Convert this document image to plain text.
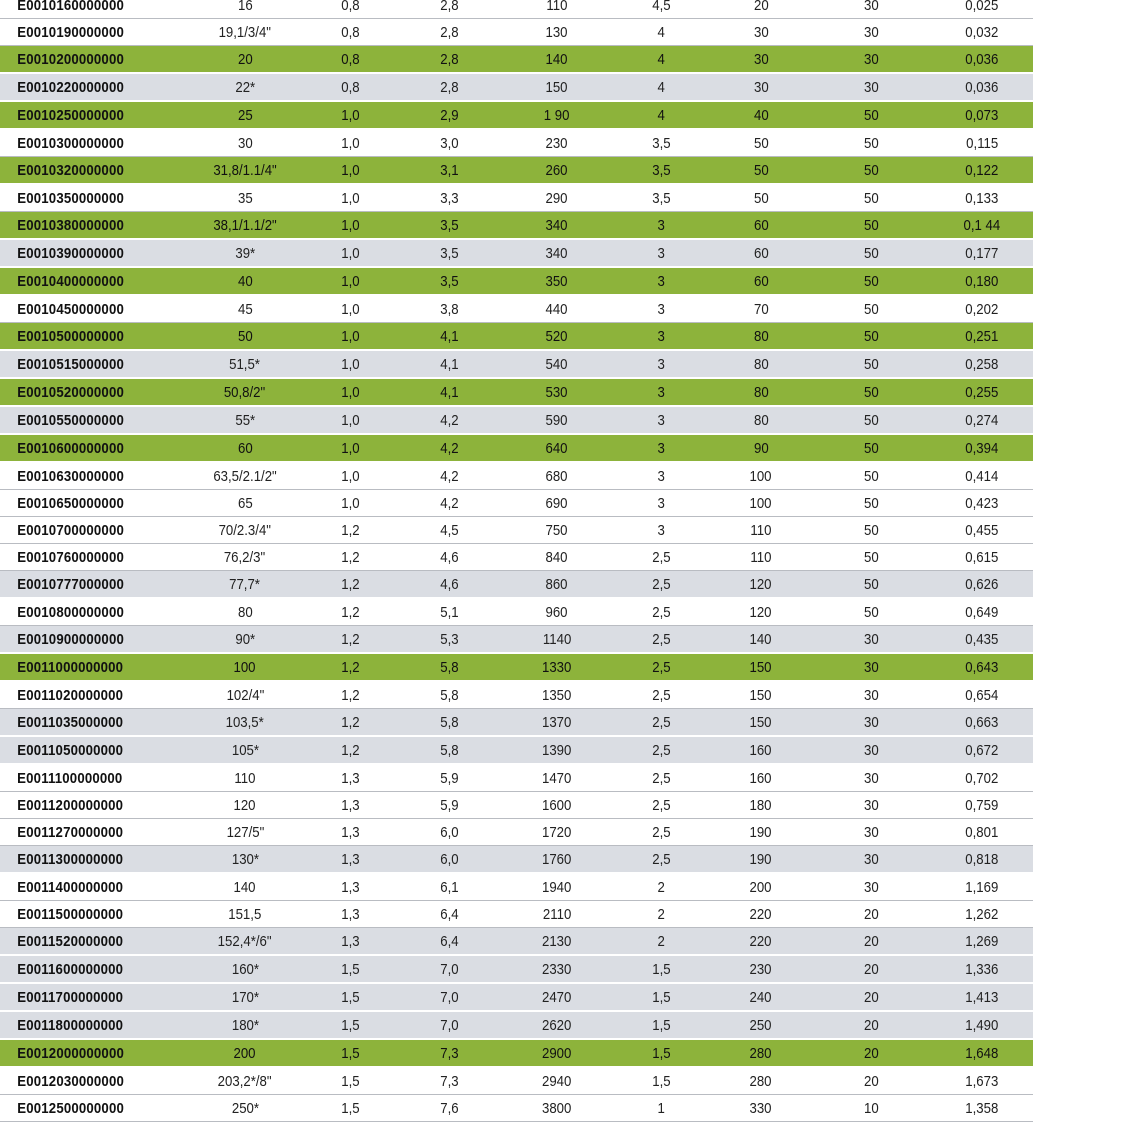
E0010160000000	16	0,8	2,8	110	4,5	20	30	0,025	
E0010190000000	19,1/3/4"	0,8	2,8	130	4	30	30	0,032	
E0010200000000	20	0,8	2,8	140	4	30	30	0,036	
E0010220000000	22*	0,8	2,8	150	4	30	30	0,036	
E0010250000000	25	1,0	2,9	1 90	4	40	50	0,073	
E0010300000000	30	1,0	3,0	230	3,5	50	50	0,115	
E0010320000000	31,8/1.1/4"	1,0	3,1	260	3,5	50	50	0,122	
E0010350000000	35	1,0	3,3	290	3,5	50	50	0,133	
E0010380000000	38,1/1.1/2"	1,0	3,5	340	3	60	50	0,1 44	
E0010390000000	39*	1,0	3,5	340	3	60	50	0,177	
E0010400000000	40	1,0	3,5	350	3	60	50	0,180	
E0010450000000	45	1,0	3,8	440	3	70	50	0,202	
E0010500000000	50	1,0	4,1	520	3	80	50	0,251	
E0010515000000	51,5*	1,0	4,1	540	3	80	50	0,258	
E0010520000000	50,8/2"	1,0	4,1	530	3	80	50	0,255	
E0010550000000	55*	1,0	4,2	590	3	80	50	0,274	
E0010600000000	60	1,0	4,2	640	3	90	50	0,394	
E0010630000000	63,5/2.1/2"	1,0	4,2	680	3	100	50	0,414	
E0010650000000	65	1,0	4,2	690	3	100	50	0,423	
E0010700000000	70/2.3/4"	1,2	4,5	750	3	110	50	0,455	
E0010760000000	76,2/3"	1,2	4,6	840	2,5	110	50	0,615	
E0010777000000	77,7*	1,2	4,6	860	2,5	120	50	0,626	
E0010800000000	80	1,2	5,1	960	2,5	120	50	0,649	
E0010900000000	90*	1,2	5,3	1140	2,5	140	30	0,435	
E0011000000000	100	1,2	5,8	1330	2,5	150	30	0,643	
E0011020000000	102/4"	1,2	5,8	1350	2,5	150	30	0,654	
E0011035000000	103,5*	1,2	5,8	1370	2,5	150	30	0,663	
E0011050000000	105*	1,2	5,8	1390	2,5	160	30	0,672	
E0011100000000	110	1,3	5,9	1470	2,5	160	30	0,702	
E0011200000000	120	1,3	5,9	1600	2,5	180	30	0,759	
E0011270000000	127/5"	1,3	6,0	1720	2,5	190	30	0,801	
E0011300000000	130*	1,3	6,0	1760	2,5	190	30	0,818	
E0011400000000	140	1,3	6,1	1940	2	200	30	1,169	
E0011500000000	151,5	1,3	6,4	2110	2	220	20	1,262	
E0011520000000	152,4*/6"	1,3	6,4	2130	2	220	20	1,269	
E0011600000000	160*	1,5	7,0	2330	1,5	230	20	1,336	
E0011700000000	170*	1,5	7,0	2470	1,5	240	20	1,413	
E0011800000000	180*	1,5	7,0	2620	1,5	250	20	1,490	
E0012000000000	200	1,5	7,3	2900	1,5	280	20	1,648	
E0012030000000	203,2*/8"	1,5	7,3	2940	1,5	280	20	1,673	
E0012500000000	250*	1,5	7,6	3800	1	330	10	1,358	
